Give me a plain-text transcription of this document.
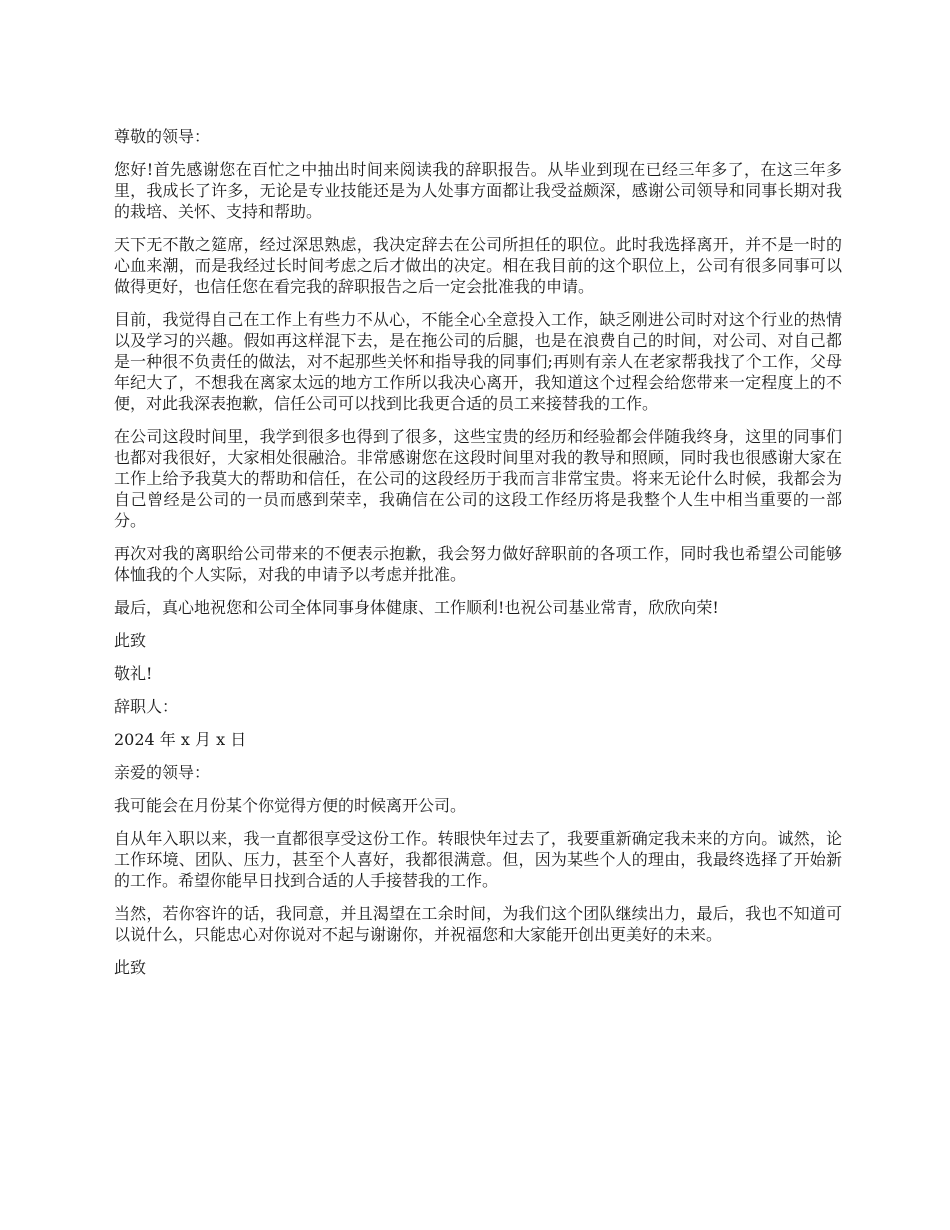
尊敬的领导：

您好!首先感谢您在百忙之中抽出时间来阅读我的辞职报告。从毕业到现在已经三年多了，在这三年多里，我成长了许多，无论是专业技能还是为人处事方面都让我受益颇深，感谢公司领导和同事长期对我的栽培、关怀、支持和帮助。

天下无不散之筵席，经过深思熟虑，我决定辞去在公司所担任的职位。此时我选择离开，并不是一时的心血来潮，而是我经过长时间考虑之后才做出的决定。相在我目前的这个职位上，公司有很多同事可以做得更好，也信任您在看完我的辞职报告之后一定会批准我的申请。

目前，我觉得自己在工作上有些力不从心，不能全心全意投入工作，缺乏刚进公司时对这个行业的热情以及学习的兴趣。假如再这样混下去，是在拖公司的后腿，也是在浪费自己的时间，对公司、对自己都是一种很不负责任的做法，对不起那些关怀和指导我的同事们;再则有亲人在老家帮我找了个工作，父母年纪大了，不想我在离家太远的地方工作所以我决心离开，我知道这个过程会给您带来一定程度上的不便，对此我深表抱歉，信任公司可以找到比我更合适的员工来接替我的工作。

在公司这段时间里，我学到很多也得到了很多，这些宝贵的经历和经验都会伴随我终身，这里的同事们也都对我很好，大家相处很融洽。非常感谢您在这段时间里对我的教导和照顾，同时我也很感谢大家在工作上给予我莫大的帮助和信任，在公司的这段经历于我而言非常宝贵。将来无论什么时候，我都会为自己曾经是公司的一员而感到荣幸，我确信在公司的这段工作经历将是我整个人生中相当重要的一部分。

再次对我的离职给公司带来的不便表示抱歉，我会努力做好辞职前的各项工作，同时我也希望公司能够体恤我的个人实际，对我的申请予以考虑并批准。

最后，真心地祝您和公司全体同事身体健康、工作顺利!也祝公司基业常青，欣欣向荣!

此致

敬礼!

辞职人：

2024 年 x 月 x 日

亲爱的领导：

我可能会在月份某个你觉得方便的时候离开公司。

自从年入职以来，我一直都很享受这份工作。转眼快年过去了，我要重新确定我未来的方向。诚然，论工作环境、团队、压力，甚至个人喜好，我都很满意。但，因为某些个人的理由，我最终选择了开始新的工作。希望你能早日找到合适的人手接替我的工作。

当然，若你容许的话，我同意，并且渴望在工余时间，为我们这个团队继续出力，最后，我也不知道可以说什么，只能忠心对你说对不起与谢谢你，并祝福您和大家能开创出更美好的未来。

此致
